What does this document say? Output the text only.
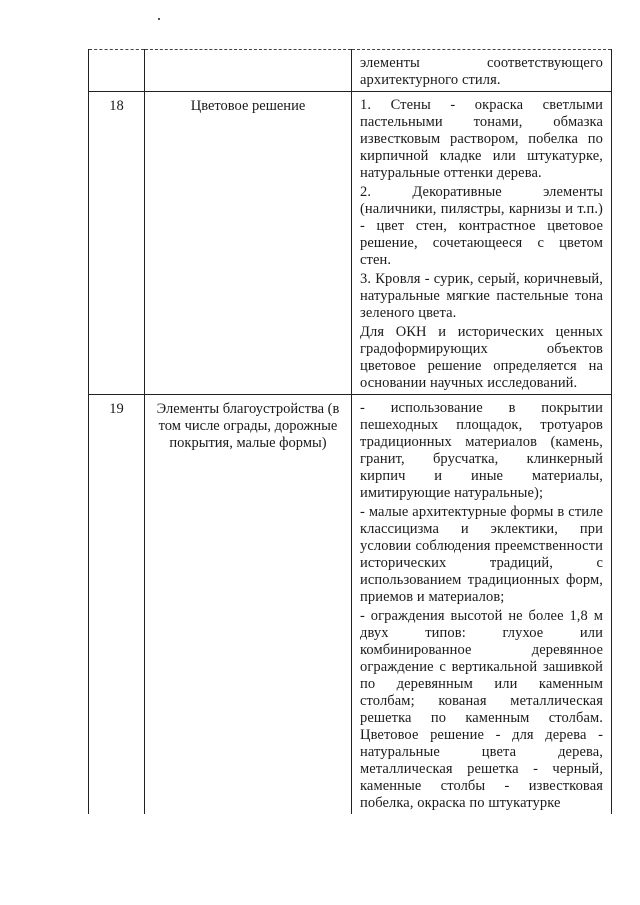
		элементы соответствующего архитектурного стиля.

18	Цветовое решение	1. Стены - окраска светлыми пастельными тонами, обмазка известковым раствором, побелка по кирпичной кладке или штукатурке, натуральные оттенки дерева.

2. Декоративные элементы (наличники, пилястры, карнизы и т.п.) - цвет стен, контрастное цветовое решение, сочетающееся с цветом стен.

3. Кровля - сурик, серый, коричневый, натуральные мягкие пастельные тона зеленого цвета.

Для ОКН и исторических ценных градоформирующих объектов цветовое решение определяется на основании научных исследований.

19	Элементы благоустройства (в том числе ограды, дорожные покрытия, малые формы)	- использование в покрытии пешеходных площадок, тротуаров традиционных материалов (камень, гранит, брусчатка, клинкерный кирпич и иные материалы, имитирующие натуральные);

- малые архитектурные формы в стиле классицизма и эклектики, при условии соблюдения преемственности исторических традиций, с использованием традиционных форм, приемов и материалов;

- ограждения высотой не более 1,8 м двух типов: глухое или комбинированное деревянное ограждение с вертикальной зашивкой по деревянным или каменным столбам; кованая металлическая решетка по каменным столбам. Цветовое решение - для дерева - натуральные цвета дерева, металлическая решетка - черный, каменные столбы - известковая побелка, окраска по штукатурке
